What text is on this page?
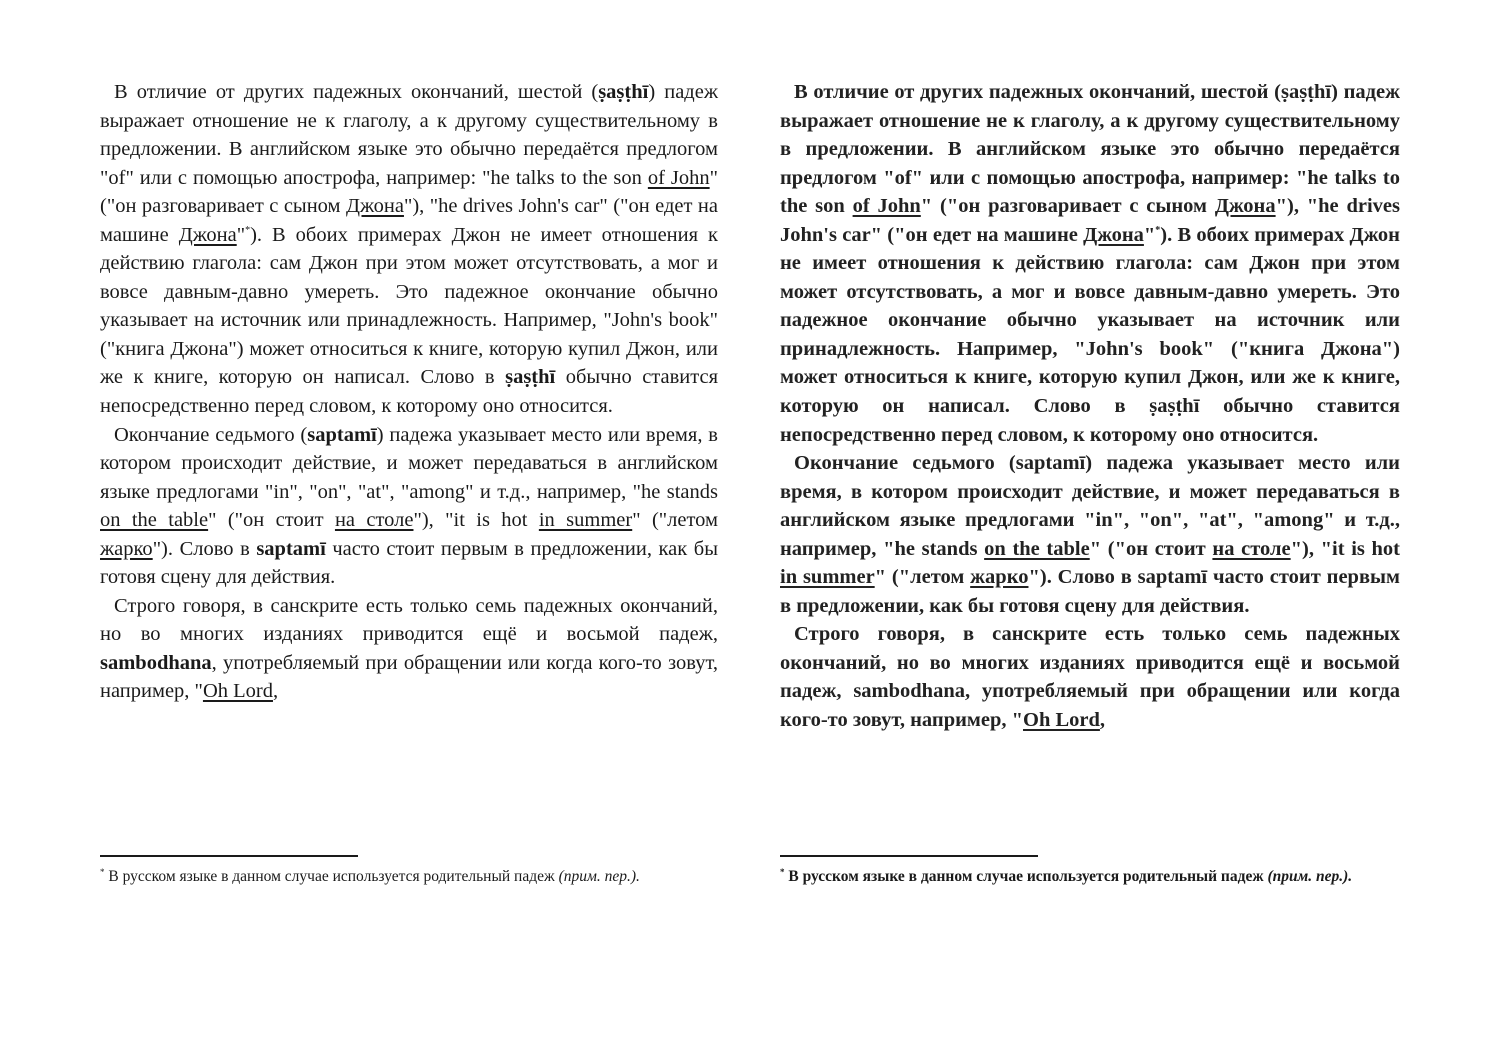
В отличие от других падежных окончаний, шестой (ṣaṣṭhī) падеж выражает отношение не к глаголу, а к другому существительному в предложении. В английском языке это обычно передаётся предлогом "of" или с помощью апострофа, например: "he talks to the son of John" ("он разговаривает с сыном Джона"), "he drives John's car" ("он едет на машине Джона"*). В обоих примерах Джон не имеет отношения к действию глагола: сам Джон при этом может отсутствовать, а мог и вовсе давным-давно умереть. Это падежное окончание обычно указывает на источник или принадлежность. Например, "John's book" ("книга Джона") может относиться к книге, которую купил Джон, или же к книге, которую он написал. Слово в ṣaṣṭhī обычно ставится непосредственно перед словом, к которому оно относится.

Окончание седьмого (saptamī) падежа указывает место или время, в котором происходит действие, и может передаваться в английском языке предлогами "in", "on", "at", "among" и т.д., например, "he stands on the table" ("он стоит на столе"), "it is hot in summer" ("летом жарко"). Слово в saptamī часто стоит первым в предложении, как бы готовя сцену для действия.

Строго говоря, в санскрите есть только семь падежных окончаний, но во многих изданиях приводится ещё и восьмой падеж, sambodhana, употребляемый при обращении или когда кого-то зовут, например, "Oh Lord,

* В русском языке в данном случае используется родительный падеж (прим. пер.).

В отличие от других падежных окончаний, шестой (ṣaṣṭhī) падеж выражает отношение не к глаголу, а к другому существительному в предложении. В английском языке это обычно передаётся предлогом "of" или с помощью апострофа, например: "he talks to the son of John" ("он разговаривает с сыном Джона"), "he drives John's car" ("он едет на машине Джона"*). В обоих примерах Джон не имеет отношения к действию глагола: сам Джон при этом может отсутствовать, а мог и вовсе давным-давно умереть. Это падежное окончание обычно указывает на источник или принадлежность. Например, "John's book" ("книга Джона") может относиться к книге, которую купил Джон, или же к книге, которую он написал. Слово в ṣaṣṭhī обычно ставится непосредственно перед словом, к которому оно относится.

Окончание седьмого (saptamī) падежа указывает место или время, в котором происходит действие, и может передаваться в английском языке предлогами "in", "on", "at", "among" и т.д., например, "he stands on the table" ("он стоит на столе"), "it is hot in summer" ("летом жарко"). Слово в saptamī часто стоит первым в предложении, как бы готовя сцену для действия.

Строго говоря, в санскрите есть только семь падежных окончаний, но во многих изданиях приводится ещё и восьмой падеж, sambodhana, употребляемый при обращении или когда кого-то зовут, например, "Oh Lord,

* В русском языке в данном случае используется родительный падеж (прим. пер.).
